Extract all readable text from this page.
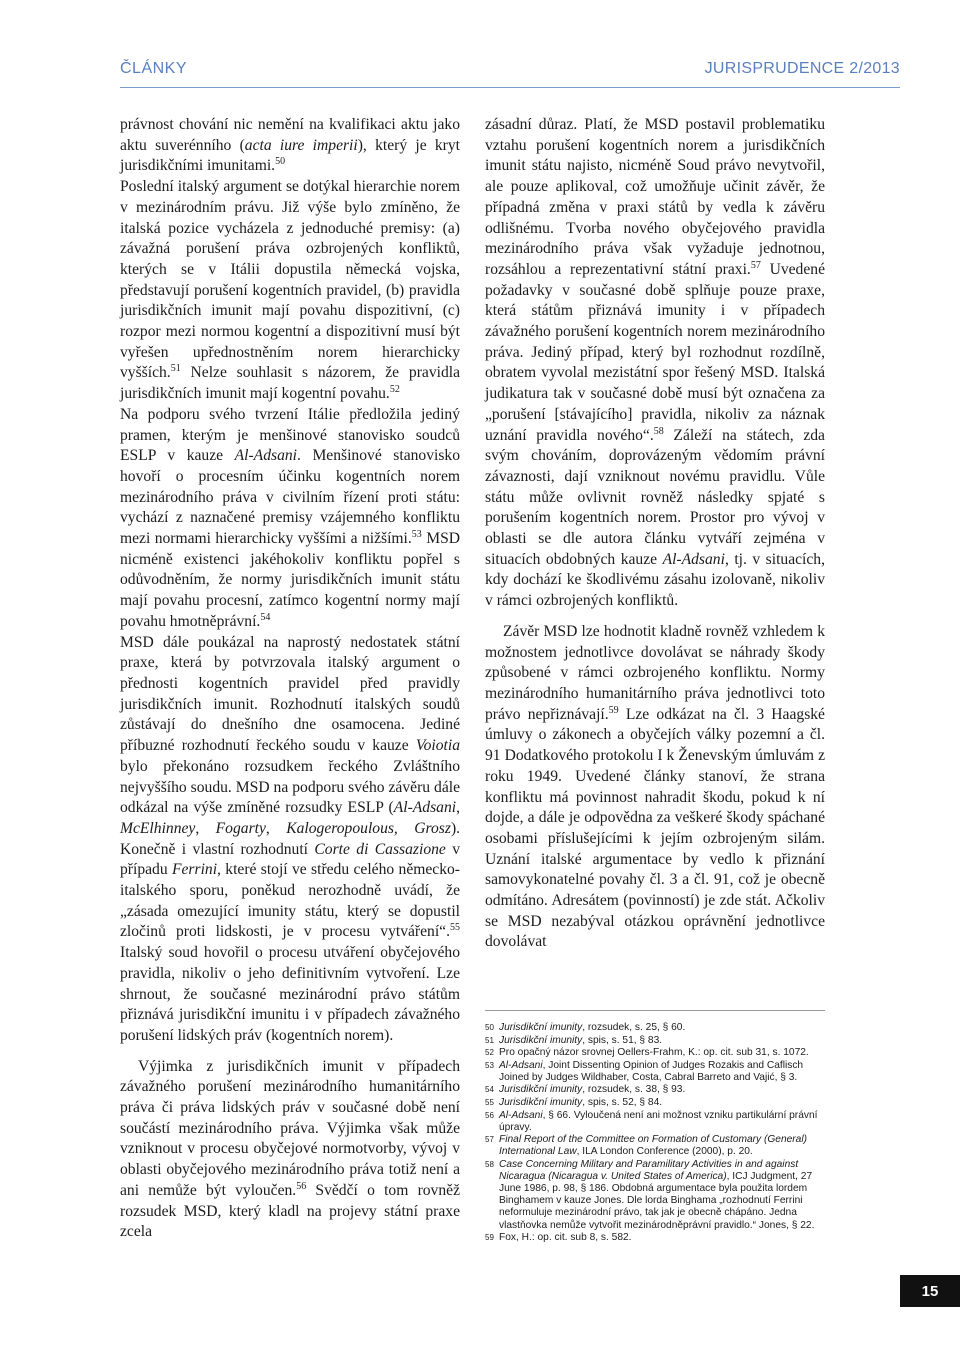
ČLÁNKY	JURISPRUDENCE 2/2013

právnost chování nic nemění na kvalifikaci aktu jako aktu suverénního (acta iure imperii), který je kryt jurisdikčními imunitami.$^{50}$

Poslední italský argument se dotýkal hierarchie norem v mezinárodním právu. Již výše bylo zmíněno, že italská pozice vycházela z jednoduché premisy: (a) závažná porušení práva ozbrojených konfliktů, kterých se v Itálii dopustila německá vojska, představují porušení kogentních pravidel, (b) pravidla jurisdikčních imunit mají povahu dispozitivní, (c) rozpor mezi normou kogentní a dispozitivní musí být vyřešen upřednostněním norem hierarchicky vyšších.$^{51}$ Nelze souhlasit s názorem, že pravidla jurisdikčních imunit mají kogentní povahu.$^{52}$

Na podporu svého tvrzení Itálie předložila jediný pramen, kterým je menšinové stanovisko soudců ESLP v kauze Al-Adsani. Menšinové stanovisko hovoří o procesním účinku kogentních norem mezinárodního práva v civilním řízení proti státu: vychází z naznačené premisy vzájemného konfliktu mezi normami hierarchicky vyššími a nižšími.$^{53}$ MSD nicméně existenci jakéhokoliv konfliktu popřel s odůvodněním, že normy jurisdikčních imunit státu mají povahu procesní, zatímco kogentní normy mají povahu hmotněprávní.$^{54}$

MSD dále poukázal na naprostý nedostatek státní praxe, která by potvrzovala italský argument o přednosti kogentních pravidel před pravidly jurisdikčních imunit. Rozhodnutí italských soudů zůstávají do dnešního dne osamocena. Jediné příbuzné rozhodnutí řeckého soudu v kauze Voiotia bylo překonáno rozsudkem řeckého Zvláštního nejvyššího soudu. MSD na podporu svého závěru dále odkázal na výše zmíněné rozsudky ESLP (Al-Adsani, McElhinney, Fogarty, Kalogeropoulous, Grosz). Konečně i vlastní rozhodnutí Corte di Cassazione v případu Ferrini, které stojí ve středu celého německo-italského sporu, poněkud nerozhodně uvádí, že „zásada omezující imunity státu, který se dopustil zločinů proti lidskosti, je v procesu vytváření“.$^{55}$ Italský soud hovořil o procesu utváření obyčejového pravidla, nikoliv o jeho definitivním vytvoření. Lze shrnout, že současné mezinárodní právo státům přiznává jurisdikční imunitu i v případech závažného porušení lidských práv (kogentních norem).

Výjimka z jurisdikčních imunit v případech závažného porušení mezinárodního humanitárního práva či práva lidských práv v současné době není součástí mezinárodního práva. Výjimka však může vzniknout v procesu obyčejové normotvorby, vývoj v oblasti obyčejového mezinárodního práva totiž není a ani nemůže být vyloučen.$^{56}$ Svědčí o tom rovněž rozsudek MSD, který kladl na projevy státní praxe zcela

zásadní důraz. Platí, že MSD postavil problematiku vztahu porušení kogentních norem a jurisdikčních imunit státu najisto, nicméně Soud právo nevytvořil, ale pouze aplikoval, což umožňuje učinit závěr, že případná změna v praxi států by vedla k závěru odlišnému. Tvorba nového obyčejového pravidla mezinárodního práva však vyžaduje jednotnou, rozsáhlou a reprezentativní státní praxi.$^{57}$ Uvedené požadavky v současné době splňuje pouze praxe, která státům přiznává imunity i v případech závažného porušení kogentních norem mezinárodního práva. Jediný případ, který byl rozhodnut rozdílně, obratem vyvolal mezistátní spor řešený MSD. Italská judikatura tak v současné době musí být označena za „porušení [stávajícího] pravidla, nikoliv za náznak uznání pravidla nového“.$^{58}$ Záleží na státech, zda svým chováním, doprovázeným vědomím právní závaznosti, dají vzniknout novému pravidlu. Vůle státu může ovlivnit rovněž následky spjaté s porušením kogentních norem. Prostor pro vývoj v oblasti se dle autora článku vytváří zejména v situacích obdobných kauze Al-Adsani, tj. v situacích, kdy dochází ke škodlivému zásahu izolovaně, nikoliv v rámci ozbrojených konfliktů.

Závěr MSD lze hodnotit kladně rovněž vzhledem k možnostem jednotlivce dovolávat se náhrady škody způsobené v rámci ozbrojeného konfliktu. Normy mezinárodního humanitárního práva jednotlivci toto právo nepřiznávají.$^{59}$ Lze odkázat na čl. 3 Haagské úmluvy o zákonech a obyčejích války pozemní a čl. 91 Dodatkového protokolu I k Ženevským úmluvám z roku 1949. Uvedené články stanoví, že strana konfliktu má povinnost nahradit škodu, pokud k ní dojde, a dále je odpovědna za veškeré škody spáchané osobami příslušejícími k jejím ozbrojeným silám. Uznání italské argumentace by vedlo k přiznání samovykonatelné povahy čl. 3 a čl. 91, což je obecně odmítáno. Adresátem (povinností) je zde stát. Ačkoliv se MSD nezabýval otázkou oprávnění jednotlivce dovolávat

50 Jurisdikční imunity, rozsudek, s. 25, § 60.
51 Jurisdikční imunity, spis, s. 51, § 83.
52 Pro opačný názor srovnej Oellers-Frahm, K.: op. cit. sub 31, s. 1072.
53 Al-Adsani, Joint Dissenting Opinion of Judges Rozakis and Caflisch Joined by Judges Wildhaber, Costa, Cabral Barreto and Vajić, § 3.
54 Jurisdikční imunity, rozsudek, s. 38, § 93.
55 Jurisdikční imunity, spis, s. 52, § 84.
56 Al-Adsani, § 66. Vyloučená není ani možnost vzniku partikulární právní úpravy.
57 Final Report of the Committee on Formation of Customary (General) International Law, ILA London Conference (2000), p. 20.
58 Case Concerning Military and Paramilitary Activities in and against Nicaragua (Nicaragua v. United States of America), ICJ Judgment, 27 June 1986, p. 98, § 186. Obdobná argumentace byla použita lordem Binghamem v kauze Jones. Dle lorda Binghama „rozhodnutí Ferrini neformuluje mezinárodní právo, tak jak je obecně chápáno. Jedna vlastňovka nemůže vytvořit mezinárodněprávní pravidlo.“ Jones, § 22.
59 Fox, H.: op. cit. sub 8, s. 582.
15
